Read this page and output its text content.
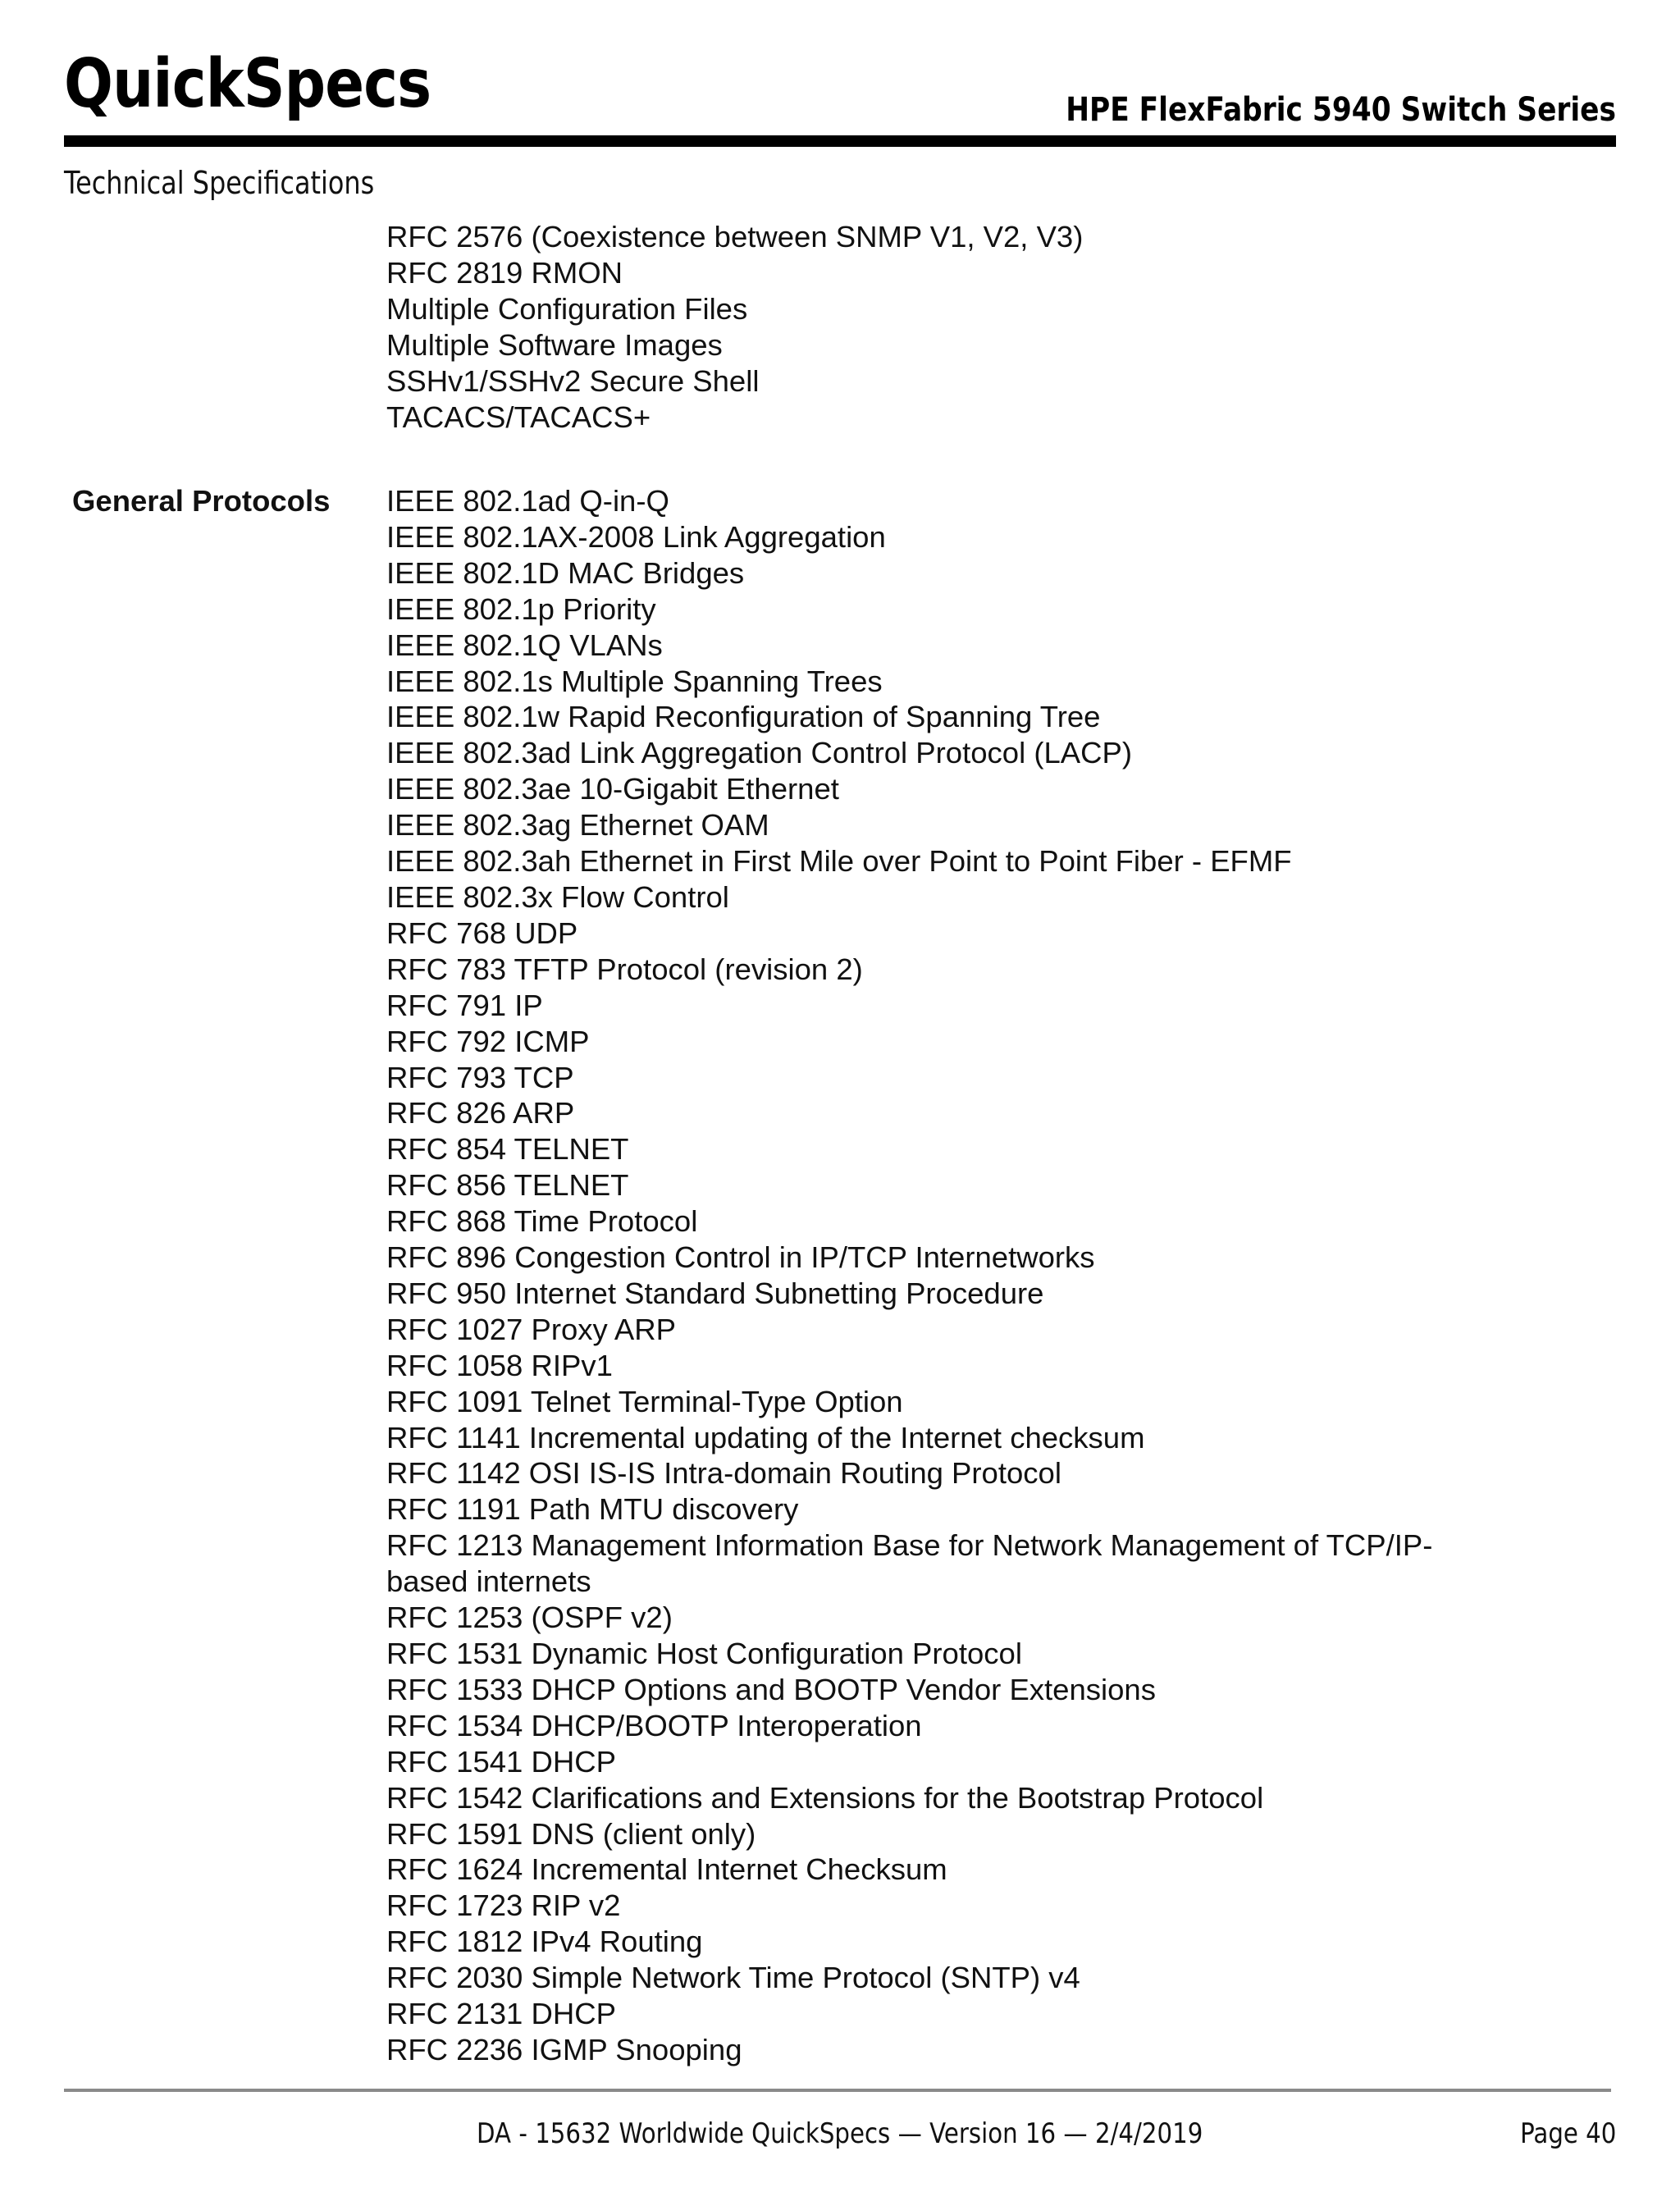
QuickSpecs	HPE FlexFabric 5940 Switch Series
Technical Specifications
RFC 2576 (Coexistence between SNMP V1, V2, V3)
RFC 2819 RMON
Multiple Configuration Files
Multiple Software Images
SSHv1/SSHv2 Secure Shell
TACACS/TACACS+
General Protocols IEEE 802.1ad Q-in-Q
IEEE 802.1AX-2008 Link Aggregation
IEEE 802.1D MAC Bridges
IEEE 802.1p Priority
IEEE 802.1Q VLANs
IEEE 802.1s Multiple Spanning Trees
IEEE 802.1w Rapid Reconfiguration of Spanning Tree
IEEE 802.3ad Link Aggregation Control Protocol (LACP)
IEEE 802.3ae 10-Gigabit Ethernet
IEEE 802.3ag Ethernet OAM
IEEE 802.3ah Ethernet in First Mile over Point to Point Fiber - EFMF
IEEE 802.3x Flow Control
RFC 768 UDP
RFC 783 TFTP Protocol (revision 2)
RFC 791 IP
RFC 792 ICMP
RFC 793 TCP
RFC 826 ARP
RFC 854 TELNET
RFC 856 TELNET
RFC 868 Time Protocol
RFC 896 Congestion Control in IP/TCP Internetworks
RFC 950 Internet Standard Subnetting Procedure
RFC 1027 Proxy ARP
RFC 1058 RIPv1
RFC 1091 Telnet Terminal-Type Option
RFC 1141 Incremental updating of the Internet checksum
RFC 1142 OSI IS-IS Intra-domain Routing Protocol
RFC 1191 Path MTU discovery
RFC 1213 Management Information Base for Network Management of TCP/IP-
based internets
RFC 1253 (OSPF v2)
RFC 1531 Dynamic Host Configuration Protocol
RFC 1533 DHCP Options and BOOTP Vendor Extensions
RFC 1534 DHCP/BOOTP Interoperation
RFC 1541 DHCP
RFC 1542 Clarifications and Extensions for the Bootstrap Protocol
RFC 1591 DNS (client only)
RFC 1624 Incremental Internet Checksum
RFC 1723 RIP v2
RFC 1812 IPv4 Routing
RFC 2030 Simple Network Time Protocol (SNTP) v4
RFC 2131 DHCP
RFC 2236 IGMP Snooping
DA - 15632 Worldwide QuickSpecs — Version 16 — 2/4/2019	Page 40
